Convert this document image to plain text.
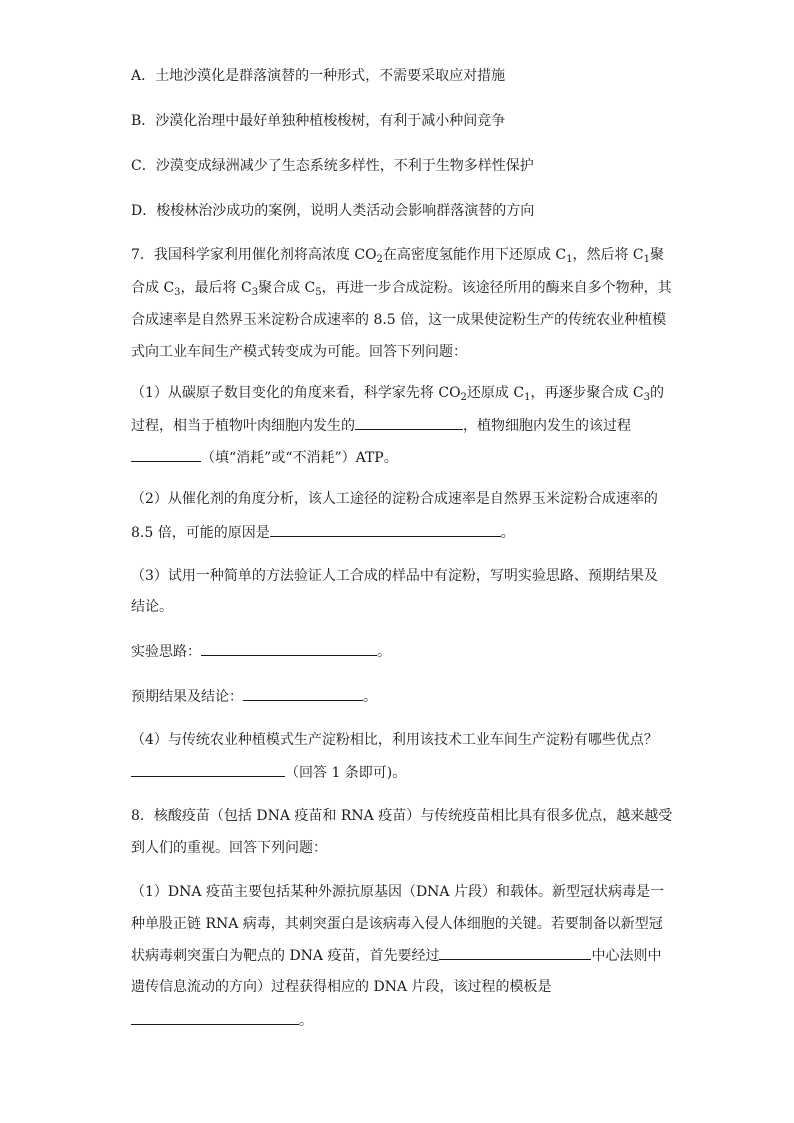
A．土地沙漠化是群落演替的一种形式，不需要采取应对措施
B．沙漠化治理中最好单独种植梭梭树，有利于减小种间竞争
C．沙漠变成绿洲减少了生态系统多样性，不利于生物多样性保护
D．梭梭林治沙成功的案例，说明人类活动会影响群落演替的方向
7．我国科学家利用催化剂将高浓度 $CO_2$在高密度氢能作用下还原成 $C_1$，然后将 $C_1$聚
合成 $C_3$，最后将 $C_3$聚合成 $C_5$，再进一步合成淀粉。该途径所用的酶来自多个物种，其
合成速率是自然界玉米淀粉合成速率的 8.5 倍，这一成果使淀粉生产的传统农业种植模
式向工业车间生产模式转变成为可能。回答下列问题：
（1）从碳原子数目变化的角度来看，科学家先将 $CO_2$还原成 $C_1$，再逐步聚合成 $C_3$的
过程，相当于植物叶肉细胞内发生的	，植物细胞内发生的该过程
（填“消耗”或“不消耗”）ATP。
（2）从催化剂的角度分析，该人工途径的淀粉合成速率是自然界玉米淀粉合成速率的
8.5 倍，可能的原因是	。
（3）试用一种简单的方法验证人工合成的样品中有淀粉，写明实验思路、预期结果及
结论。
实验思路：	。
预期结果及结论：	。
（4）与传统农业种植模式生产淀粉相比，利用该技术工业车间生产淀粉有哪些优点？
（回答 1 条即可)。
8．核酸疫苗（包括 DNA 疫苗和 RNA 疫苗）与传统疫苗相比具有很多优点，越来越受
到人们的重视。回答下列问题：
（1）DNA 疫苗主要包括某种外源抗原基因（DNA 片段）和载体。新型冠状病毒是一
种单股正链 RNA 病毒，其刺突蛋白是该病毒入侵人体细胞的关键。若要制备以新型冠
状病毒刺突蛋白为靶点的 DNA 疫苗，首先要经过	中心法则中
遗传信息流动的方向）过程获得相应的 DNA 片段，该过程的模板是
。
